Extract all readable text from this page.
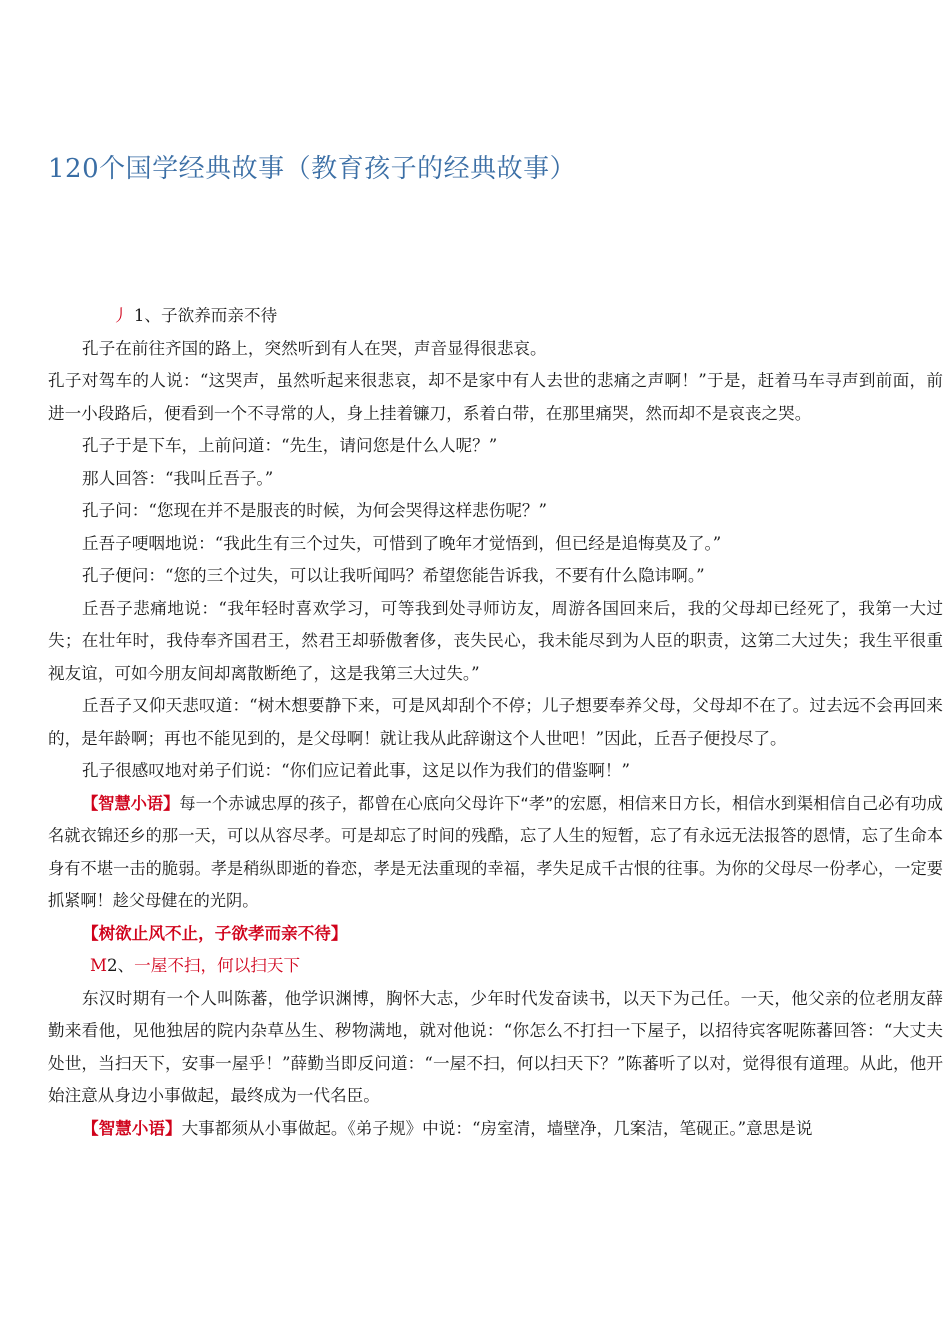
120个国学经典故事（教育孩子的经典故事）

丿 1、子欲养而亲不待

孔子在前往齐国的路上，突然听到有人在哭，声音显得很悲哀。

孔子对驾车的人说：“这哭声，虽然听起来很悲哀，却不是家中有人去世的悲痛之声啊！”于是，赶着马车寻声到前面，前进一小段路后，便看到一个不寻常的人，身上挂着镰刀，系着白带，在那里痛哭，然而却不是哀丧之哭。

孔子于是下车，上前问道：“先生，请问您是什么人呢？”

那人回答：“我叫丘吾子。”

孔子问：“您现在并不是服丧的时候，为何会哭得这样悲伤呢？”

丘吾子哽咽地说：“我此生有三个过失，可惜到了晚年才觉悟到，但已经是追悔莫及了。”

孔子便问：“您的三个过失，可以让我听闻吗？希望您能告诉我，不要有什么隐讳啊。”

丘吾子悲痛地说：“我年轻时喜欢学习，可等我到处寻师访友，周游各国回来后，我的父母却已经死了，我第一大过失；在壮年时，我侍奉齐国君王，然君王却骄傲奢侈，丧失民心，我未能尽到为人臣的职责，这第二大过失；我生平很重视友谊，可如今朋友间却离散断绝了，这是我第三大过失。”

丘吾子又仰天悲叹道：“树木想要静下来，可是风却刮个不停；儿子想要奉养父母，父母却不在了。过去远不会再回来的，是年龄啊；再也不能见到的，是父母啊！就让我从此辞谢这个人世吧！”因此，丘吾子便投尽了。

孔子很感叹地对弟子们说：“你们应记着此事，这足以作为我们的借鉴啊！”

【智慧小语】每一个赤诚忠厚的孩子，都曾在心底向父母许下“孝”的宏愿，相信来日方长，相信水到渠相信自己必有功成名就衣锦还乡的那一天，可以从容尽孝。可是却忘了时间的残酷，忘了人生的短暂，忘了有永远无法报答的恩情，忘了生命本身有不堪一击的脆弱。孝是稍纵即逝的眷恋，孝是无法重现的幸福，孝失足成千古恨的往事。为你的父母尽一份孝心，一定要抓紧啊！趁父母健在的光阴。

【树欲止风不止，子欲孝而亲不待】

M2、一屋不扫，何以扫天下

东汉时期有一个人叫陈蕃，他学识渊博，胸怀大志，少年时代发奋读书，以天下为己任。一天，他父亲的位老朋友薛勤来看他，见他独居的院内杂草丛生、秽物满地，就对他说：“你怎么不打扫一下屋子，以招待宾客呢陈蕃回答：“大丈夫处世，当扫天下，安事一屋乎！”薛勤当即反问道：“一屋不扫，何以扫天下？”陈蕃听了以对，觉得很有道理。从此，他开始注意从身边小事做起，最终成为一代名臣。

【智慧小语】大事都须从小事做起。《弟子规》中说：“房室清，墙壁净，几案洁，笔砚正。”意思是说
